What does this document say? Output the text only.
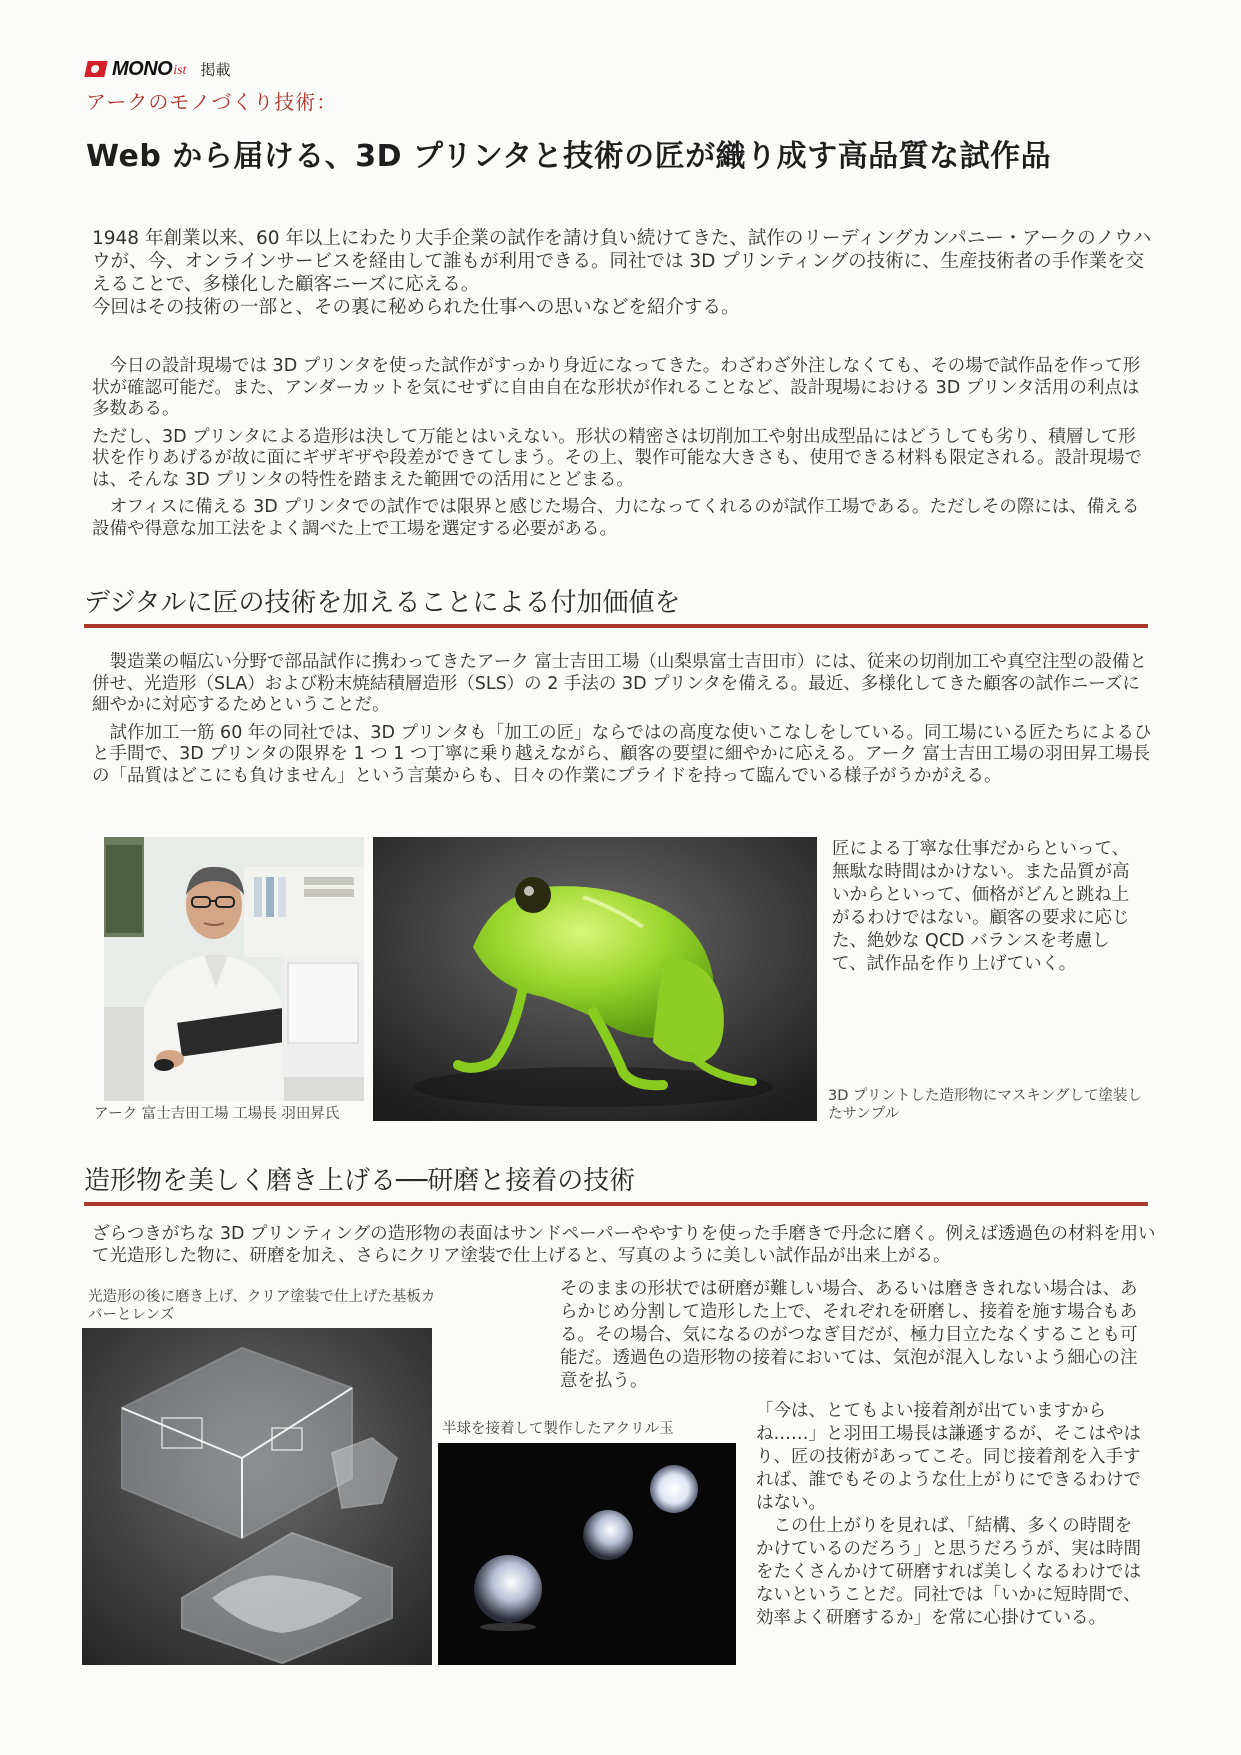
MONO ist 掲載
アークのモノづくり技術：
Web から届ける、3D プリンタと技術の匠が織り成す高品質な試作品

1948 年創業以来、60 年以上にわたり大手企業の試作を請け負い続けてきた、試作のリーディングカンパニー・アークのノウハウが、今、オンラインサービスを経由して誰もが利用できる。同社では 3D プリンティングの技術に、生産技術者の手作業を交えることで、多様化した顧客ニーズに応える。

今回はその技術の一部と、その裏に秘められた仕事への思いなどを紹介する。

今日の設計現場では 3D プリンタを使った試作がすっかり身近になってきた。わざわざ外注しなくても、その場で試作品を作って形状が確認可能だ。また、アンダーカットを気にせずに自由自在な形状が作れることなど、設計現場における 3D プリンタ活用の利点は多数ある。

ただし、3D プリンタによる造形は決して万能とはいえない。形状の精密さは切削加工や射出成型品にはどうしても劣り、積層して形状を作りあげるが故に面にギザギザや段差ができてしまう。その上、製作可能な大きさも、使用できる材料も限定される。設計現場では、そんな 3D プリンタの特性を踏まえた範囲での活用にとどまる。

オフィスに備える 3D プリンタでの試作では限界と感じた場合、力になってくれるのが試作工場である。ただしその際には、備える設備や得意な加工法をよく調べた上で工場を選定する必要がある。

デジタルに匠の技術を加えることによる付加価値を

製造業の幅広い分野で部品試作に携わってきたアーク 富士吉田工場（山梨県富士吉田市）には、従来の切削加工や真空注型の設備と併せ、光造形（SLA）および粉末焼結積層造形（SLS）の 2 手法の 3D プリンタを備える。最近、多様化してきた顧客の試作ニーズに細やかに対応するためということだ。

試作加工一筋 60 年の同社では、3D プリンタも「加工の匠」ならではの高度な使いこなしをしている。同工場にいる匠たちによるひと手間で、3D プリンタの限界を 1 つ 1 つ丁寧に乗り越えながら、顧客の要望に細やかに応える。アーク 富士吉田工場の羽田昇工場長の「品質はどこにも負けません」という言葉からも、日々の作業にプライドを持って臨んでいる様子がうかがえる。

アーク 富士吉田工場 工場長 羽田昇氏
3D プリントした造形物にマスキングして塗装したサンプル
匠による丁寧な仕事だからといって、無駄な時間はかけない。また品質が高いからといって、価格がどんと跳ね上がるわけではない。顧客の要求に応じた、絶妙な QCD バランスを考慮して、試作品を作り上げていく。
造形物を美しく磨き上げる──研磨と接着の技術
ざらつきがちな 3D プリンティングの造形物の表面はサンドペーパーややすりを使った手磨きで丹念に磨く。例えば透過色の材料を用いて光造形した物に、研磨を加え、さらにクリア塗装で仕上げると、写真のように美しい試作品が出来上がる。
光造形の後に磨き上げ、クリア塗装で仕上げた基板カバーとレンズ
半球を接着して製作したアクリル玉
そのままの形状では研磨が難しい場合、あるいは磨ききれない場合は、あらかじめ分割して造形した上で、それぞれを研磨し、接着を施す場合もある。その場合、気になるのがつなぎ目だが、極力目立たなくすることも可能だ。透過色の造形物の接着においては、気泡が混入しないよう細心の注意を払う。

「今は、とてもよい接着剤が出ていますからね……」と羽田工場長は謙遜するが、そこはやはり、匠の技術があってこそ。同じ接着剤を入手すれば、誰でもそのような仕上がりにできるわけではない。

この仕上がりを見れば、「結構、多くの時間をかけているのだろう」と思うだろうが、実は時間をたくさんかけて研磨すれば美しくなるわけではないということだ。同社では「いかに短時間で、効率よく研磨するか」を常に心掛けている。
